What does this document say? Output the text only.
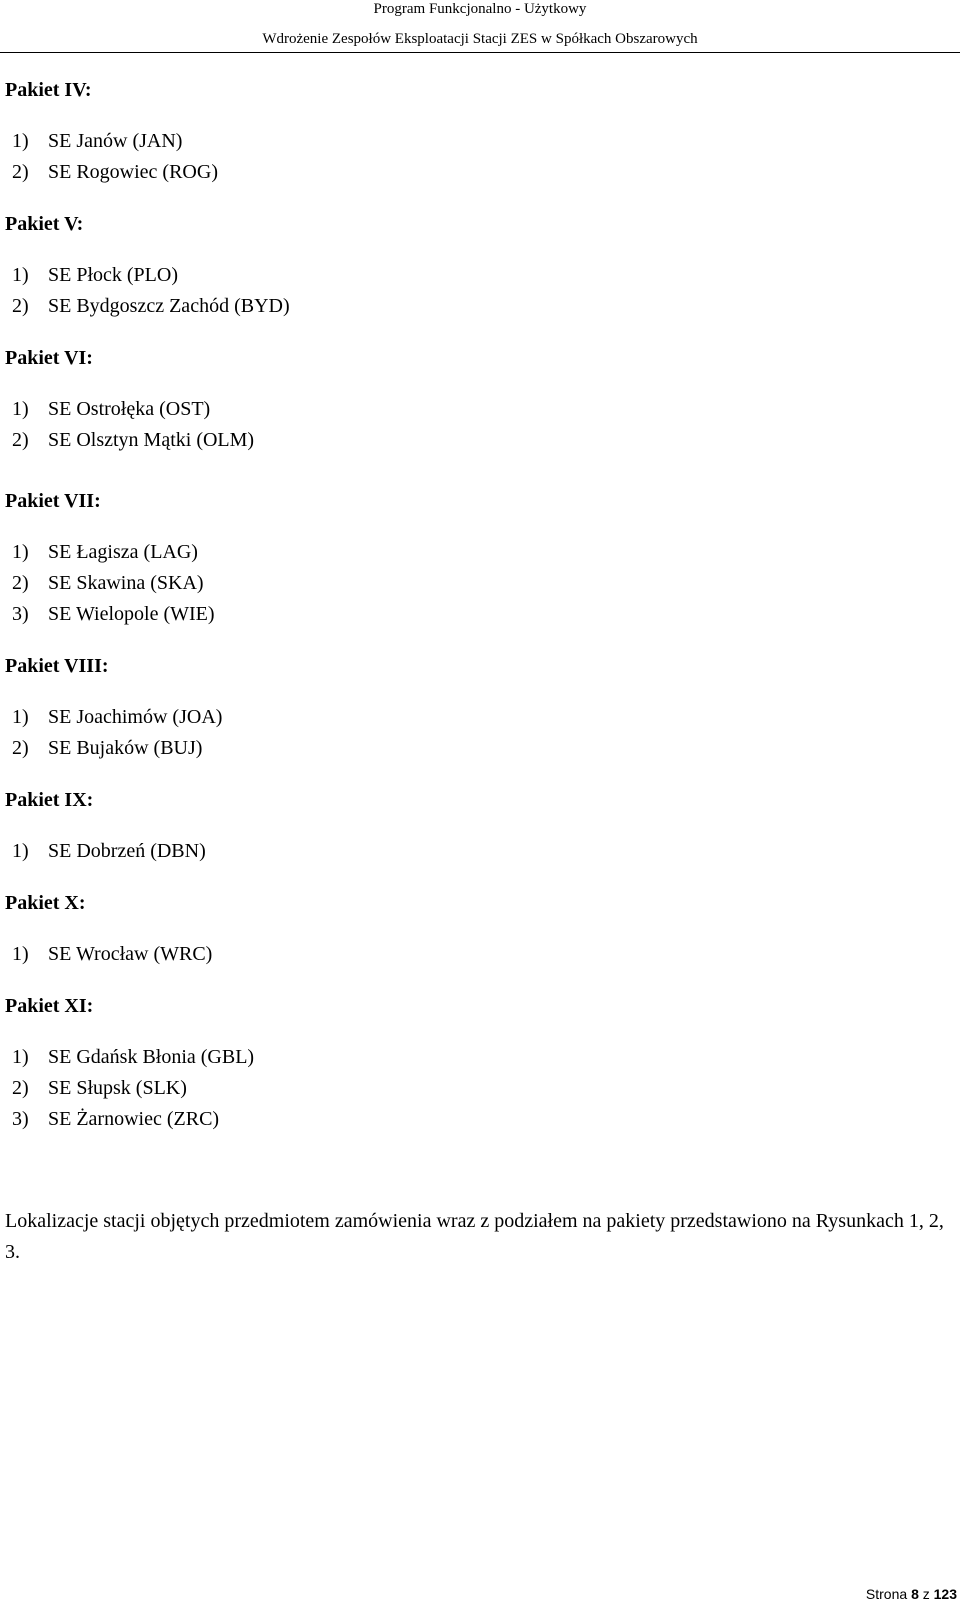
Program Funkcjonalno - Użytkowy
Wdrożenie Zespołów Eksploatacji Stacji ZES w Spółkach Obszarowych
Pakiet IV:
1) SE Janów (JAN)
2) SE Rogowiec (ROG)
Pakiet V:
1) SE Płock (PLO)
2) SE Bydgoszcz Zachód (BYD)
Pakiet VI:
1) SE Ostrołęka (OST)
2) SE Olsztyn Mątki (OLM)
Pakiet VII:
1) SE Łagisza (LAG)
2) SE Skawina (SKA)
3) SE Wielopole (WIE)
Pakiet VIII:
1) SE Joachimów (JOA)
2) SE Bujaków (BUJ)
Pakiet IX:
1) SE Dobrzeń (DBN)
Pakiet X:
1) SE Wrocław (WRC)
Pakiet XI:
1) SE Gdańsk Błonia (GBL)
2) SE Słupsk (SLK)
3) SE Żarnowiec (ZRC)
Lokalizacje stacji objętych przedmiotem zamówienia wraz z podziałem na pakiety przedstawiono na Rysunkach 1, 2, 3.
Strona 8 z 123
